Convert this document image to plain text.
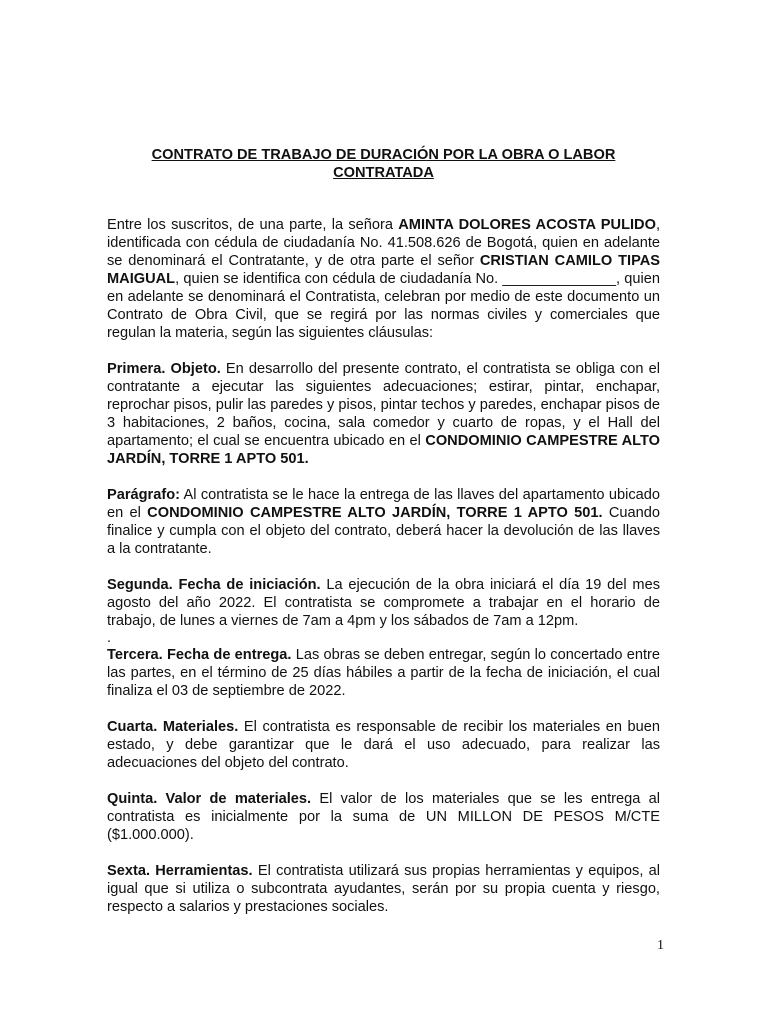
CONTRATO DE TRABAJO DE DURACIÓN POR LA OBRA O LABOR CONTRATADA

Entre los suscritos, de una parte, la señora AMINTA DOLORES ACOSTA PULIDO, identificada con cédula de ciudadanía No. 41.508.626 de Bogotá, quien en adelante se denominará el Contratante, y de otra parte el señor CRISTIAN CAMILO TIPAS MAIGUAL, quien se identifica con cédula de ciudadanía No. ______________, quien en adelante se denominará el Contratista, celebran por medio de este documento un Contrato de Obra Civil, que se regirá por las normas civiles y comerciales que regulan la materia, según las siguientes cláusulas:

Primera. Objeto. En desarrollo del presente contrato, el contratista se obliga con el contratante a ejecutar las siguientes adecuaciones; estirar, pintar, enchapar, reprochar pisos, pulir las paredes y pisos, pintar techos y paredes, enchapar pisos de 3 habitaciones, 2 baños, cocina, sala comedor y cuarto de ropas, y el Hall del apartamento; el cual se encuentra ubicado en el CONDOMINIO CAMPESTRE ALTO JARDÍN, TORRE 1 APTO 501.

Parágrafo: Al contratista se le hace la entrega de las llaves del apartamento ubicado en el CONDOMINIO CAMPESTRE ALTO JARDÍN, TORRE 1 APTO 501. Cuando finalice y cumpla con el objeto del contrato, deberá hacer la devolución de las llaves a la contratante.

Segunda. Fecha de iniciación. La ejecución de la obra iniciará el día 19 del mes agosto del año 2022. El contratista se compromete a trabajar en el horario de trabajo, de lunes a viernes de 7am a 4pm y los sábados de 7am a 12pm.

.

Tercera. Fecha de entrega. Las obras se deben entregar, según lo concertado entre las partes, en el término de 25 días hábiles a partir de la fecha de iniciación, el cual finaliza el 03 de septiembre de 2022.

Cuarta. Materiales. El contratista es responsable de recibir los materiales en buen estado, y debe garantizar que le dará el uso adecuado, para realizar las adecuaciones del objeto del contrato.

Quinta. Valor de materiales. El valor de los materiales que se les entrega al contratista es inicialmente por la suma de UN MILLON DE PESOS M/CTE ($1.000.000).

Sexta. Herramientas. El contratista utilizará sus propias herramientas y equipos, al igual que si utiliza o subcontrata ayudantes, serán por su propia cuenta y riesgo, respecto a salarios y prestaciones sociales.

1
